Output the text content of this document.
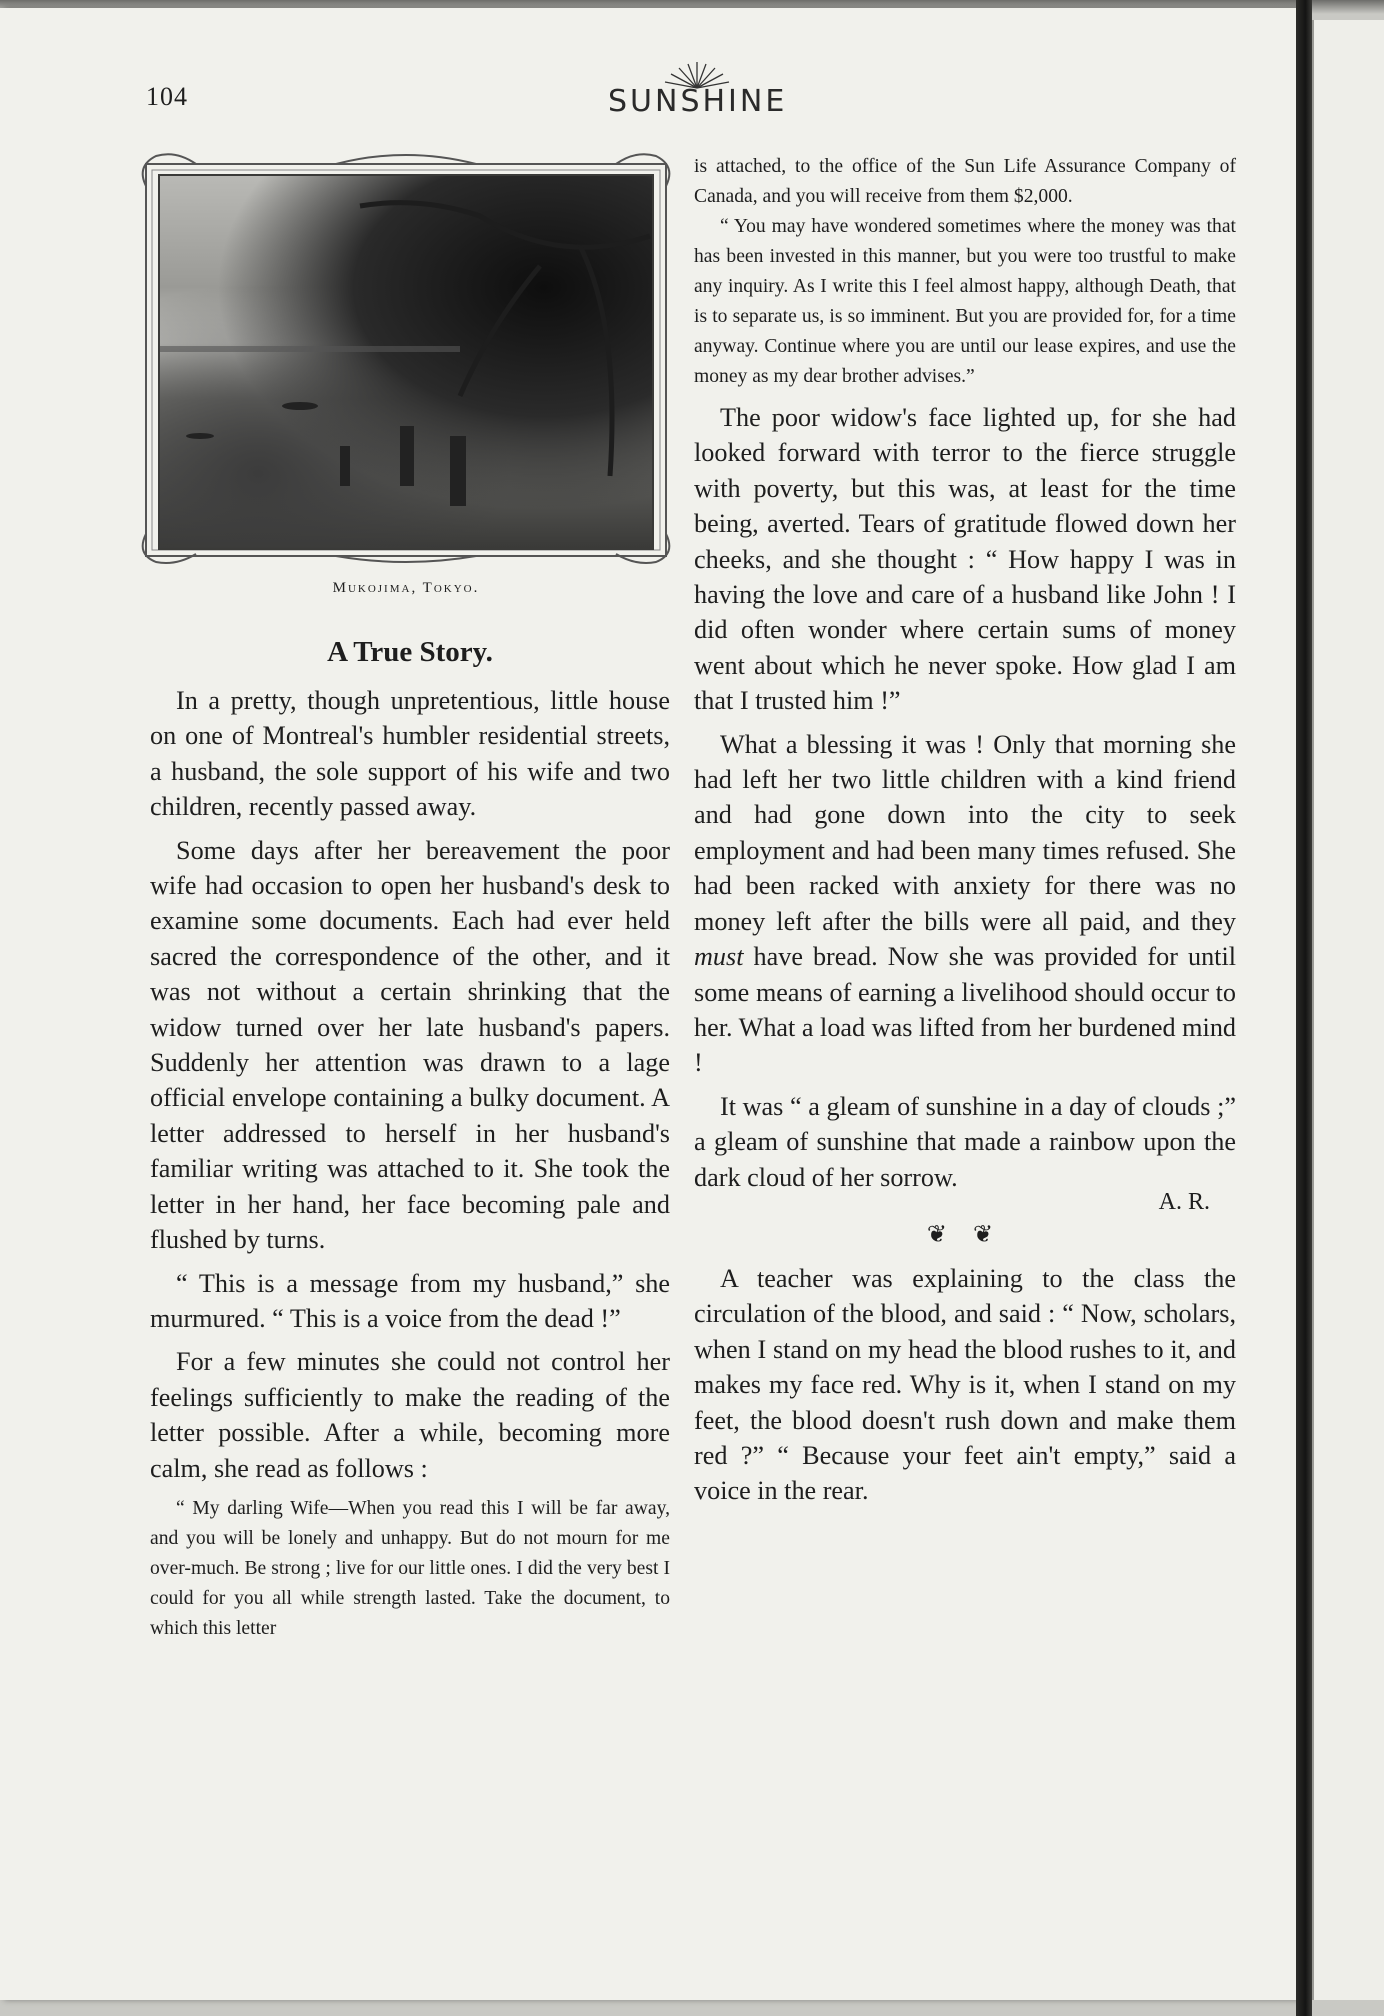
104	SUNSHINE
Mukojima, Tokyo.
A True Story.

In a pretty, though unpretentious, little house on one of Montreal's humbler residential streets, a husband, the sole support of his wife and two children, recently passed away.

Some days after her bereavement the poor wife had occasion to open her husband's desk to examine some documents. Each had ever held sacred the correspondence of the other, and it was not without a certain shrinking that the widow turned over her late husband's papers. Suddenly her attention was drawn to a lage official envelope containing a bulky document. A letter addressed to herself in her husband's familiar writing was attached to it. She took the letter in her hand, her face becoming pale and flushed by turns.

“ This is a message from my husband,” she murmured. “ This is a voice from the dead !”

For a few minutes she could not control her feelings sufficiently to make the reading of the letter possible. After a while, becoming more calm, she read as follows :

“ My darling Wife—When you read this I will be far away, and you will be lonely and unhappy. But do not mourn for me over-much. Be strong ; live for our little ones. I did the very best I could for you all while strength lasted. Take the document, to which this letter

is attached, to the office of the Sun Life Assurance Company of Canada, and you will receive from them $2,000.

“ You may have wondered sometimes where the money was that has been invested in this manner, but you were too trustful to make any inquiry. As I write this I feel almost happy, although Death, that is to separate us, is so imminent. But you are provided for, for a time anyway. Continue where you are until our lease expires, and use the money as my dear brother advises.”

The poor widow's face lighted up, for she had looked forward with terror to the fierce struggle with poverty, but this was, at least for the time being, averted. Tears of gratitude flowed down her cheeks, and she thought : “ How happy I was in having the love and care of a husband like John ! I did often wonder where certain sums of money went about which he never spoke. How glad I am that I trusted him !”

What a blessing it was ! Only that morning she had left her two little children with a kind friend and had gone down into the city to seek employment and had been many times refused. She had been racked with anxiety for there was no money left after the bills were all paid, and they must have bread. Now she was provided for until some means of earning a livelihood should occur to her. What a load was lifted from her burdened mind !

It was “ a gleam of sunshine in a day of clouds ;” a gleam of sunshine that made a rainbow upon the dark cloud of her sorrow.

A. R.
❦ ❦

A teacher was explaining to the class the circulation of the blood, and said : “ Now, scholars, when I stand on my head the blood rushes to it, and makes my face red. Why is it, when I stand on my feet, the blood doesn't rush down and make them red ?” “ Because your feet ain't empty,” said a voice in the rear.
